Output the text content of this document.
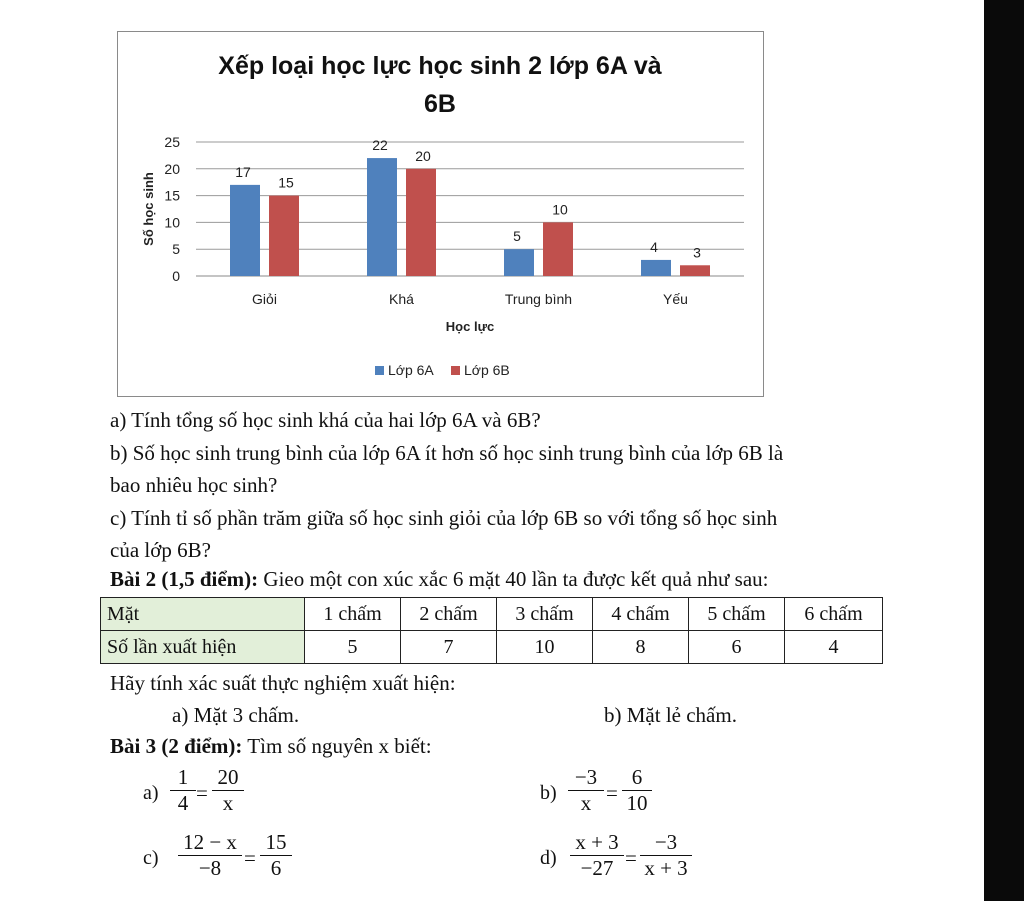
Xếp loại học lực học sinh 2 lớp 6A và
6B
0
5
10
15
20
25
Số học sinh
17
15
Giỏi
22
20
Khá
5
10
Trung bình
4	3
Yếu
Học lực
Lớp 6A Lớp 6B
a) Tính tổng số học sinh khá của hai lớp 6A và 6B?
b) Số học sinh trung bình của lớp 6A ít hơn số học sinh trung bình của lớp 6B là
bao nhiêu học sinh?
c) Tính tỉ số phần trăm giữa số học sinh giỏi của lớp 6B so với tổng số học sinh
của lớp 6B?
Bài 2 (1,5 điểm): Gieo một con xúc xắc 6 mặt 40 lần ta được kết quả như sau:
Mặt	1 chấm	2 chấm	3 chấm	4 chấm	5 chấm	6 chấm
Số lần xuất hiện	5	7	10	8	6	4
Hãy tính xác suất thực nghiệm xuất hiện:
a) Mặt 3 chấm.	b) Mặt lẻ chấm.
Bài 3 (2 điểm): Tìm số nguyên x biết:
$a) \frac{1}{4} = \frac{20}{x}$	$b) \frac{-3}{x} = \frac{6}{10}$
$c) \frac{12 - x}{-8} = \frac{15}{6}$	$d) \frac{x + 3}{-27} = \frac{-3}{x + 3}$
